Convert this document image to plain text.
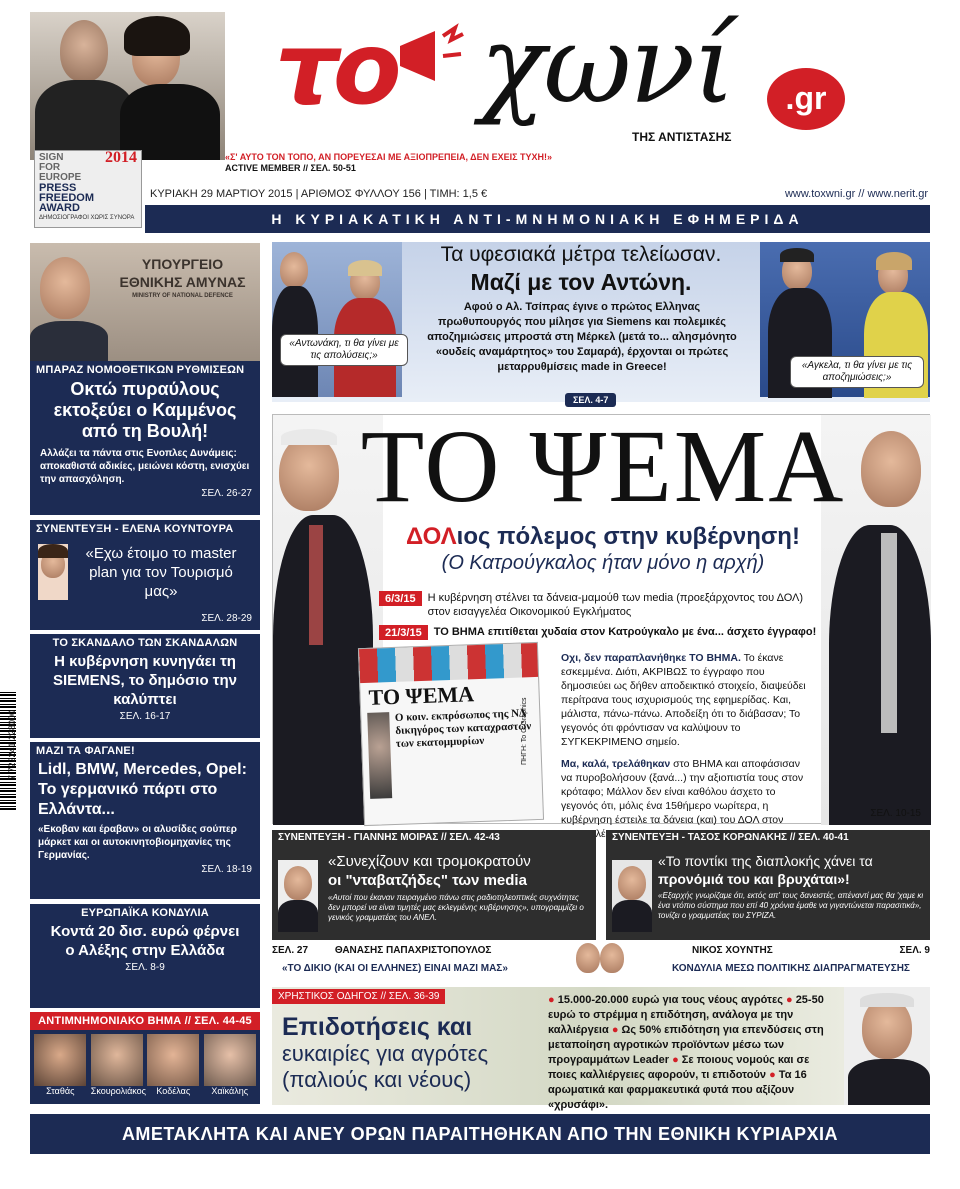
2014
SIGN
FOR
EUROPE
PRESS
FREEDOM
AWARD
ΔΗΜΟΣΙΟΓΡΑΦΟΙ ΧΩΡΙΣ ΣΥΝΟΡΑ
το χωνί	.gr
ΤΗΣ ΑΝΤΙΣΤΑΣΗΣ
«Σ' ΑΥΤΟ ΤΟΝ ΤΟΠΟ, ΑΝ ΠΟΡΕΥΕΣΑΙ ΜΕ ΑΞΙΟΠΡΕΠΕΙΑ, ΔΕΝ ΕΧΕΙΣ ΤΥΧΗ!»
ACTIVE MEMBER // ΣΕΛ. 50-51
ΚΥΡΙΑΚΗ 29 ΜΑΡΤΙΟΥ 2015 | ΑΡΙΘΜΟΣ ΦΥΛΛΟΥ 156 | ΤΙΜΗ: 1,5 €	www.toxwni.gr // www.nerit.gr
Η ΚΥΡΙΑΚΑΤΙΚΗ ΑΝΤΙ-ΜΝΗΜΟΝΙΑΚΗ ΕΦΗΜΕΡΙΔΑ
ΥΠΟΥΡΓΕΙΟ
ΕΘΝΙΚΗΣ ΑΜΥΝΑΣ
MINISTRY OF NATIONAL DEFENCE
ΜΠΑΡΑΖ ΝΟΜΟΘΕΤΙΚΩΝ ΡΥΘΜΙΣΕΩΝ
Οκτώ πυραύλους εκτοξεύει ο Καμμένος από τη Βουλή!
Αλλάζει τα πάντα στις Ενοπλες Δυνάμεις: αποκαθιστά αδικίες, μειώνει κόστη, ενισχύει την απασχόληση.
ΣΕΛ. 26-27
ΣΥΝΕΝΤΕΥΞΗ - ΕΛΕΝΑ ΚΟΥΝΤΟΥΡΑ
«Εχω έτοιμο το master plan για τον Τουρισμό μας»
ΣΕΛ. 28-29
ΤΟ ΣΚΑΝΔΑΛΟ ΤΩΝ ΣΚΑΝΔΑΛΩΝ
Η κυβέρνηση κυνηγάει τη SIEMENS, το δημόσιο την καλύπτει
ΣΕΛ. 16-17
ΜΑΖΙ ΤΑ ΦΑΓΑΝΕ!
Lidl, BMW, Mercedes, Opel: Το γερμανικό πάρτι στο Ελλάντα...
«Εκοβαν και έραβαν» οι αλυσίδες σούπερ μάρκετ και οι αυτοκινητοβιομηχανίες της Γερμανίας.
ΣΕΛ. 18-19
ΕΥΡΩΠΑΪΚΑ ΚΟΝΔΥΛΙΑ
Κοντά 20 δισ. ευρώ φέρνει ο Αλέξης στην Ελλάδα
ΣΕΛ. 8-9
ΑΝΤΙΜΝΗΜΟΝΙΑΚΟ ΒΗΜΑ // ΣΕΛ. 44-45
Σταθάς	Σκουρολιάκος	Κοδέλας	Χαϊκάλης
7 722241 228000
Τα υφεσιακά μέτρα τελείωσαν.
Μαζί με τον Αντώνη.
Αφού ο Αλ. Τσίπρας έγινε ο πρώτος Ελληνας πρωθυπουργός που μίλησε για Siemens και πολεμικές αποζημιώσεις μπροστά στη Μέρκελ (μετά το... αλησμόνητο «ουδείς αναμάρτητος» του Σαμαρά), έρχονται οι πρώτες μεταρρυθμίσεις made in Greece!
«Αντωνάκη, τι θα γίνει με τις απολύσεις;»
«Αγκελα, τι θα γίνει με τις αποζημιώσεις;»
ΣΕΛ. 4-7
ΤΟ ΨΕΜΑ
ΔΟΛιος πόλεμος στην κυβέρνηση!
(Ο Κατρούγκαλος ήταν μόνο η αρχή)
6/3/15	Η κυβέρνηση στέλνει τα δάνεια-μαμούθ των media (προεξάρχοντος του ΔΟΛ) στον εισαγγελέα Οικονομικού Εγκλήματος
21/3/15	ΤΟ ΒΗΜΑ επιτίθεται χυδαία στον Κατρούγκαλο με ένα... άσχετο έγγραφο!
ΤΟ ΨΕΜΑ
Ο κοιν. εκπρόσωπος της ΝΔ δικηγόρος των καταχραστών των εκατομμυρίων	ΠΗΓΗ: Το Ο Graphics

Οχι, δεν παραπλανήθηκε ΤΟ ΒΗΜΑ. Το έκανε εσκεμμένα. Διότι, ΑΚΡΙΒΩΣ το έγγραφο που δημοσιεύει ως δήθεν αποδεικτικό στοιχείο, διαψεύδει περίτρανα τους ισχυρισμούς της εφημερίδας. Και, μάλιστα, πάνω-πάνω. Αποδείξη ότι το διάβασαν; Το γεγονός ότι φρόντισαν να καλύψουν το ΣΥΓΚΕΚΡΙΜΕΝΟ σημείο.

Μα, καλά, τρελάθηκαν στο ΒΗΜΑ και αποφάσισαν να πυροβολήσουν (ξανά...) την αξιοπιστία τους στον κρόταφο; Μάλλον δεν είναι καθόλου άσχετο το γεγονός ότι, μόλις ένα 15θήμερο νωρίτερα, η κυβέρνηση έστειλε τα δάνεια (και) του ΔΟΛ στον

ΣΕΛ. 10-15
ΣΥΝΕΝΤΕΥΞΗ - ΓΙΑΝΝΗΣ ΜΟΙΡΑΣ // ΣΕΛ. 42-43
«Συνεχίζουν και τρομοκρατούν
οι "νταβατζήδες" των media
«Αυτοί που έκαναν πειραγμένο πάνω στις ραδιοτηλεοπτικές συχνότητες δεν μπορεί να είναι τιμητές μας εκλεγμένης κυβέρνησης», υπογραμμίζει ο γενικός γραμματέας του ΑΝΕΛ.
ΣΥΝΕΝΤΕΥΞΗ - ΤΑΣΟΣ ΚΟΡΩΝΑΚΗΣ // ΣΕΛ. 40-41
«Το ποντίκι της διαπλοκής χάνει τα
προνόμιά του και βρυχάται»!
«Εξαρχής γνωρίζαμε ότι, εκτός απ' τους δανειστές, απέναντί μας θα 'χαμε κι ένα ντόπιο σύστημα που επί 40 χρόνια έμαθε να γιγαντώνεται παρασιτικά», τονίζει ο γραμματέας του ΣΥΡΙΖΑ.
ΣΕΛ. 27	ΘΑΝΑΣΗΣ ΠΑΠΑΧΡΙΣΤΟΠΟΥΛΟΣ
«ΤΟ ΔΙΚΙΟ (ΚΑΙ ΟΙ ΕΛΛΗΝΕΣ) ΕΙΝΑΙ ΜΑΖΙ ΜΑΣ»
ΝΙΚΟΣ ΧΟΥΝΤΗΣ	ΣΕΛ. 9
ΚΟΝΔΥΛΙΑ ΜΕΣΩ ΠΟΛΙΤΙΚΗΣ ΔΙΑΠΡΑΓΜΑΤΕΥΣΗΣ
ΧΡΗΣΤΙΚΟΣ ΟΔΗΓΟΣ // ΣΕΛ. 36-39
Επιδοτήσεις και
ευκαιρίες για αγρότες
(παλιούς και νέους)
● 15.000-20.000 ευρώ για τους νέους αγρότες ● 25-50 ευρώ το στρέμμα η επιδότηση, ανάλογα με την καλλιέργεια ● Ως 50% επιδότηση για επενδύσεις στη μεταποίηση αγροτικών προϊόντων μέσω των προγραμμάτων Leader ● Σε ποιους νομούς και σε ποιες καλλιέργειες αφορούν, τι επιδοτούν ● Τα 16 αρωματικά και φαρμακευτικά φυτά που αξίζουν «χρυσάφι».
ΑΜΕΤΑΚΛΗΤΑ ΚΑΙ ΑΝΕΥ ΟΡΩΝ ΠΑΡΑΙΤΗΘΗΚΑΝ ΑΠΟ ΤΗΝ ΕΘΝΙΚΗ ΚΥΡΙΑΡΧΙΑ
